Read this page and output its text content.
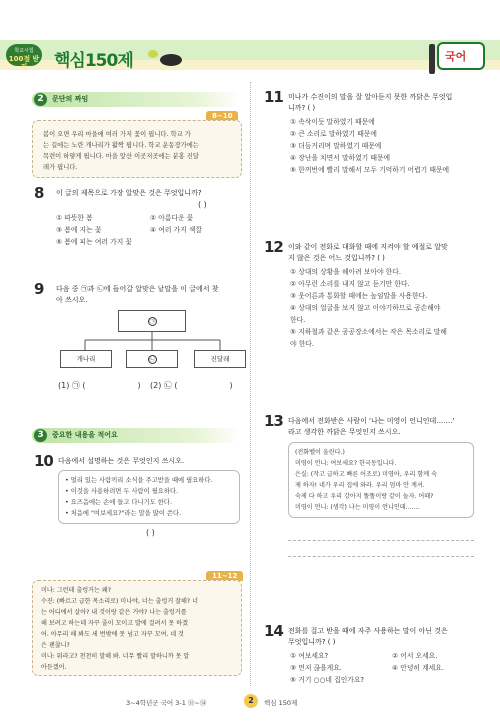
학교시험
100점 받기	핵심150제	국어
2	문단의 짜임
8~10
봄이 오면 우리 마을에 여러 가지 꽃이 핍니다. 학교 가
는 길에는 노란 개나리가 활짝 핍니다. 학교 운동장가에는
목련이 하얗게 핍니다. 마을 앞산 이곳저곳에는 분홍 진달
래가 핍니다.
8 이 글의 제목으로 가장 알맞은 것은 무엇입니까?
( )
① 따뜻한 봄	② 아름다운 꽃
③ 봄에 지는 꽃	④ 여러 가지 색깔
⑤ 봄에 피는 여러 가지 꽃
9 다음 중 ㉠과 ㉡에 들어갈 알맞은 낱말을 이 글에서 찾
아 쓰시오.
㉠
개나리	㉡	진달래
(1) ㉠ (	) (2) ㉡ (	)
3	중요한 내용을 적어요
10 다음에서 설명하는 것은 무엇인지 쓰시오.
• 멀리 있는 사람끼리 소식을 주고받을 때에 필요하다.
• 이것을 사용하려면 두 사람이 필요하다.
• 요즈음에는 손에 들고 다니기도 한다.
• 처음에 "여보세요?"라는 말을 많이 쓴다.
( )
11~12
미나: 그런데 출렁거는 왜?
수진: (빠르고 급한 목소리로) 미나야, 너는 출렁거 잘해? 너
는 어디에서 살아? 내 것이랑 같은 거야? 나는 출렁거를
해 보려고 하는데 자꾸 줄이 꼬이고 발에 걸려서 못 하겠
어. 아무리 해 봐도 세 번밖에 못 넘고 자꾸 꼬여. 네 것
은 괜찮니?
미나: 뭐라고? 천천히 말해 봐. 너무 빨리 말하니까 못 알
아듣겠어.
11 미나가 수진이의 말을 잘 알아듣지 못한 까닭은 무엇입
니까? ( )
① 속삭이듯 말하였기 때문에
② 큰 소리로 말하였기 때문에
③ 더듬거리며 말하였기 때문에
④ 장난을 치면서 말하였기 때문에
⑤ 한꺼번에 빨리 말해서 모두 기억하기 어렵기 때문에
12 이와 같이 전화로 대화할 때에 지켜야 할 예절로 알맞
지 않은 것은 어느 것입니까? ( )
① 상대의 상황을 헤아려 보아야 한다.
② 아무런 소리를 내지 않고 듣기만 한다.
③ 웃어른과 통화할 때에는 높임말을 사용한다.
④ 상대의 얼굴을 보지 않고 이야기하므로 공손해야
한다.
⑤ 지하철과 같은 공공장소에서는 작은 목소리로 말해
야 한다.
13 다음에서 전화받은 사람이 '나는 미영이 언니인데…….'
라고 생각한 까닭은 무엇인지 쓰시오.
(전화벨이 울린다.)
미영이 언니: 여보세요? 한국동입니다.
은실: (작고 급하고 빠른 어조로) 미영아, 우리 함께 숙
제 하자! 네가 우리 집에 와라. 우리 엄마 안 계셔.
숙제 다 하고 우리 강아지 똘똘이랑 같이 놀자. 어때?
미영이 언니: (생각) 나는 미영이 언니인데…….
14 전화를 걸고 받을 때에 자주 사용하는 말이 아닌 것은
무엇입니까? ( )
① 여보세요?	② 어서 오세요.
③ 먼저 끊을게요.	④ 안녕히 계세요.
⑤ 거기 ○○네 집인가요?
3~4학년군 국어 3-1 ⑪~⑭	2	핵심 150제
